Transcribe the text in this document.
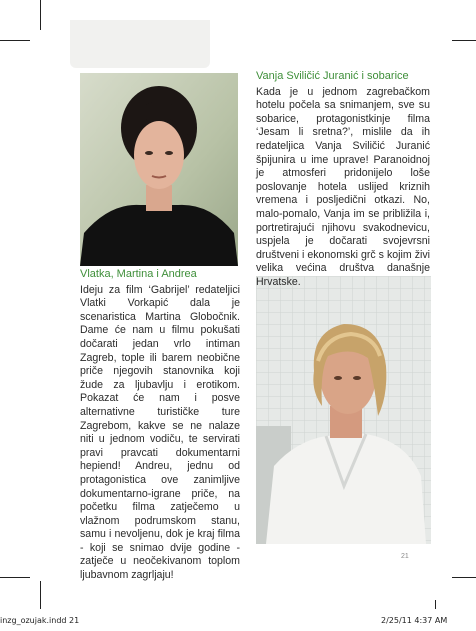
Vlatka, Martina i Andrea

Ideju za film ‘Gabrijel’ redateljici Vlatki Vorkapić dala je scenaristica Martina Globočnik. Dame će nam u filmu pokušati dočarati jedan vrlo intiman Zagreb, tople ili barem neobične priče njegovih stanovnika koji žude za ljubavlju i erotikom. Pokazat će nam i posve alternativne turističke ture Zagrebom, kakve se ne nalaze niti u jednom vodiču, te servirati pravi pravcati dokumentarni hepiend! Andreu, jednu od protagonistica ove zanimljive dokumentarno-igrane priče, na početku filma zatječemo u vlažnom podrumskom stanu, samu i nevoljenu, dok je kraj filma - koji se snimao dvije godine - zatječe u neočekivanom toplom ljubavnom zagrljaju!

Vanja Sviličić Juranić i sobarice

Kada je u jednom zagrebačkom hotelu počela sa snimanjem, sve su sobarice, protagonistkinje filma ‘Jesam li sretna?’, mislile da ih redateljica Vanja Sviličić Juranić špijunira u ime uprave! Paranoidnoj je atmosferi pridonijelo loše poslovanje hotela uslijed kriznih vremena i posljedični otkazi. No, malo-pomalo, Vanja im se približila i, portretirajući njihovu svakodnevicu, uspjela je dočarati svojevrsni društveni i ekonomski grč s kojim živi velika većina društva današnje Hrvatske.

21
inzg_ozujak.indd 21	2/25/11 4:37 AM
